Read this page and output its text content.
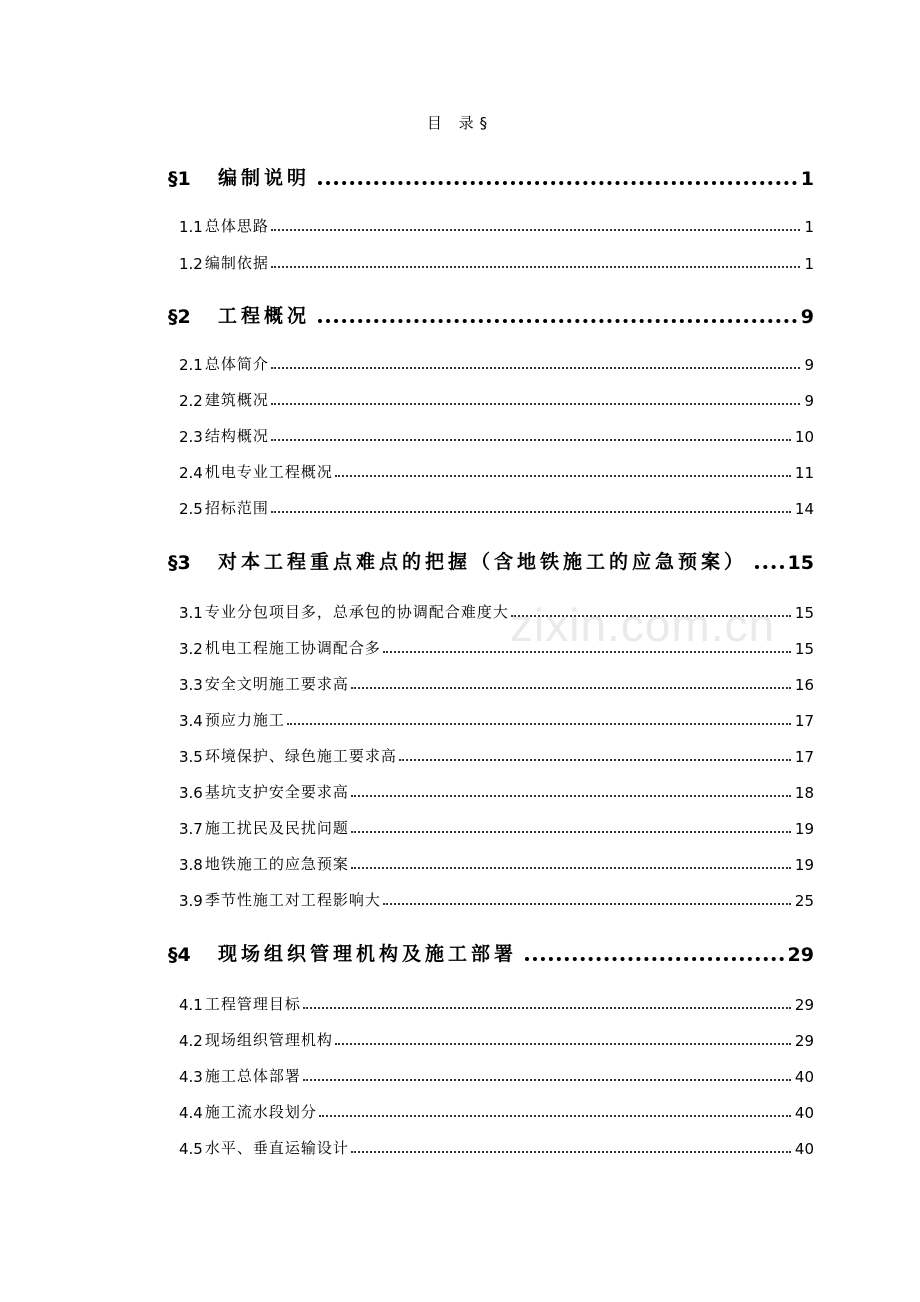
目 录§
§1	编制说明	1
1.1 总体思路	1
1.2 编制依据	1
§2	工程概况	9
2.1 总体简介	9
2.2 建筑概况	9
2.3 结构概况	10
2.4 机电专业工程概况	11
2.5 招标范围	14
§3	对本工程重点难点的把握（含地铁施工的应急预案） 15
3.1 专业分包项目多，总承包的协调配合难度大	15
3.2 机电工程施工协调配合多	15
3.3 安全文明施工要求高	16
3.4 预应力施工	17
3.5 环境保护、绿色施工要求高	17
3.6 基坑支护安全要求高	18
3.7 施工扰民及民扰问题	19
3.8 地铁施工的应急预案	19
3.9 季节性施工对工程影响大	25
§4	现场组织管理机构及施工部署	29
4.1 工程管理目标	29
4.2 现场组织管理机构	29
4.3 施工总体部署	40
4.4 施工流水段划分	40
4.5 水平、垂直运输设计	40
zixin.com.cn
